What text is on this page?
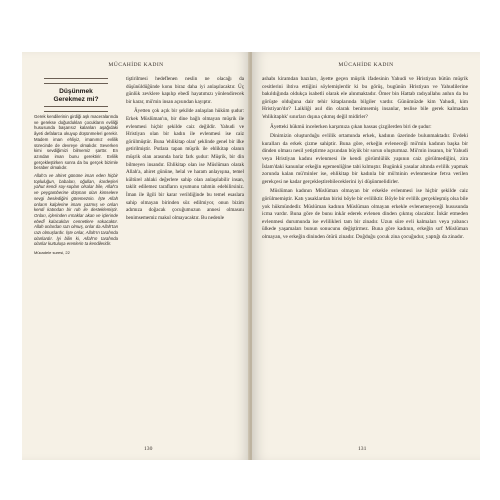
MÜCAHİDE KADIN
Düşünmek
Gerekmez mi?

Gerek kendilerinin girdiği aşk maceralarında ve gerekse doğurdukları çocukların evliliği hususunda başarısız kalanları aşağıdaki âyeti defalarca okuyup düşünmeleri gerekir. Madem iman ehliyiz, imanımız evlilik sürecinde de devreye olmalıdır. Severken kimi sevdiğimizi bilmemiz şarttır. En azından iman bunu gerektirir. Evlilik gerçekleştirken sonra da bu gerçek bizimle beraber olmalıdır.

Allah'a ve ahiret gününe iman eden hiçbir topluluğun, babaları, oğulları, kardeşleri yahut kendi soy-soplan olsalar bile, Allah'a ve peygamberine düşman olan kimselere sevgi beslediğini göremezsin. İşte Allah onların kalplerine imanı yazmış ve onları kendi katından bir ruh ile desteklemiştir. Onları, içlerinden ırmaklar akan ve içlerinde ebedî kalacakları cennetlere sokacaktır. Allah onlardan razı olmuş, onlar da Allah'tan razı olmuşlardır. İşte onlar, Allah'ın tarafında olanlardır. İyi bilin ki, Allah'ın tarafında olanlar kurtuluşa erenlerin ta kendileridir.

Mücadele suresi, 22

tiştirilmesi hedeflenen neslin ne olacağı da düşünüldüğünde konu biraz daha iyi anlaşılacaktır. Üç günlük zevklere kapılıp ebedî hayatımızı yönlendirecek bir karar, mü'min insan açısından kayıptır.

Âyetten çok açık bir şekilde anlaşılan hüküm şudur: Erkek Müslüman'ın, bir dine bağlı olmayan müşrik ile evlenmesi hiçbir şekilde caiz değildir. Yahudi ve Hristiyan olan bir kadın ile evlenmesi ise caiz görülmüştür. Buna 'ehlikitap olan' şeklinde genel bir ilke getirilmiştir. Putlara tapan müşrik ile ehlikitap olanın müşrik olan arasında bariz fark şudur: Müşrik, bir din bilmeyen insandır. Ehlikitap olan ise Müslüman olarak Allah'a, ahiret gününe, helal ve haram anlayışına, temel kültürel ahlaki değerlere sahip olan anlaşılabilir insan, taklit edilemez tarafların uyumunu tahmin edebilirsiniz. İman ile ilgili bir karar verildiğinde bu temel esaslara sahip olmayan birinden söz edilmiyor, onun bizim adımıza doğacak çocuğumuzun annesi olmasını benimsememiz makul olmayacaktır. Bu nedenle

130
MÜCAHİDE KADIN

ashabı kiramdan bazıları, âyette geçen müşrik ifadesinin Yahudi ve Hristiyan bütün müşrik cesitlerini ihtiva ettiğini söylemişlerdir ki bu görüş, bugünün Hristiyan ve Yahudilerine bakıldığında oldukça isabetli olarak ele alınmaktadır. Ömer bin Hattab radıyallahu anhın da bu görüşte olduğuna dair tehir kitaplarında bilgiler vardır. Günümüzde kim Yahudi, kim Hristiyan'dır? Laikliği asıl din olarak benimsemiş insanlar, teslise bile gerek kalmadan 'ehlikitaplık' sınırları dışına çıkmış değil midirler?

Âyetteki hükmü incelerken karşımıza çıkan hassas çizgilerden biri de şudur:

Dinimizin oluşturduğu evlilik ortamında erkek, kadının üzerinde bulunmaktadır. Evdeki kuralları da erkek çizme sahiptir. Buna göre, erkeğin evleneceği mü'min kadının başka bir dinden olması nesil yetiştirme açısından büyük bir sorun oluşturmaz. Mü'min insanın, bir Yahudi veya Hristiyan kadını evlenmesi ile kendi görümlülük yapının caiz görülmediğini, zira İslam'daki kanunlar erkeğin egemenliğine tabi kılmıştır. Bugünkü yasalar altında evlilik yapmak zorunda kalan mü'minler ise, ehlikitap bir kadınla bir mü'minin evlenmesine fetva verilen gerekçesi ne kadar gerçekleştirebileceklerini iyi düşünmelidirler.

Müslüman kadının Müslüman olmayan bir erkekle evlenmesi ise hiçbir şekilde caiz görülmemiştir. Katı yasaklardan birisi böyle bir evliliktir. Böyle bir evlilik gerçekleşmiş olsa bile yok hükmündedir. Müslüman kadının Müslüman olmayan erkekle evlenemeyeceği hususunda icma vardır. Buna göre de bunu inkâr ederek evlenen dinden çıkmış olacaktır. İnkâr etmeden evlenmesi durumunda ise evlilikleri tam bir zinadır. Uzun süre evli kalmaları veya yabancı ülkede yaşamaları bunun sonucunu değiştirmez. Buna göre kadının, erkeğin sırf Müslüman olmayan, ve erkeğin dininden ötürü zinadır. Doğduğu çocuk zina çocuğudur, yaptığı da zinadır.

131
